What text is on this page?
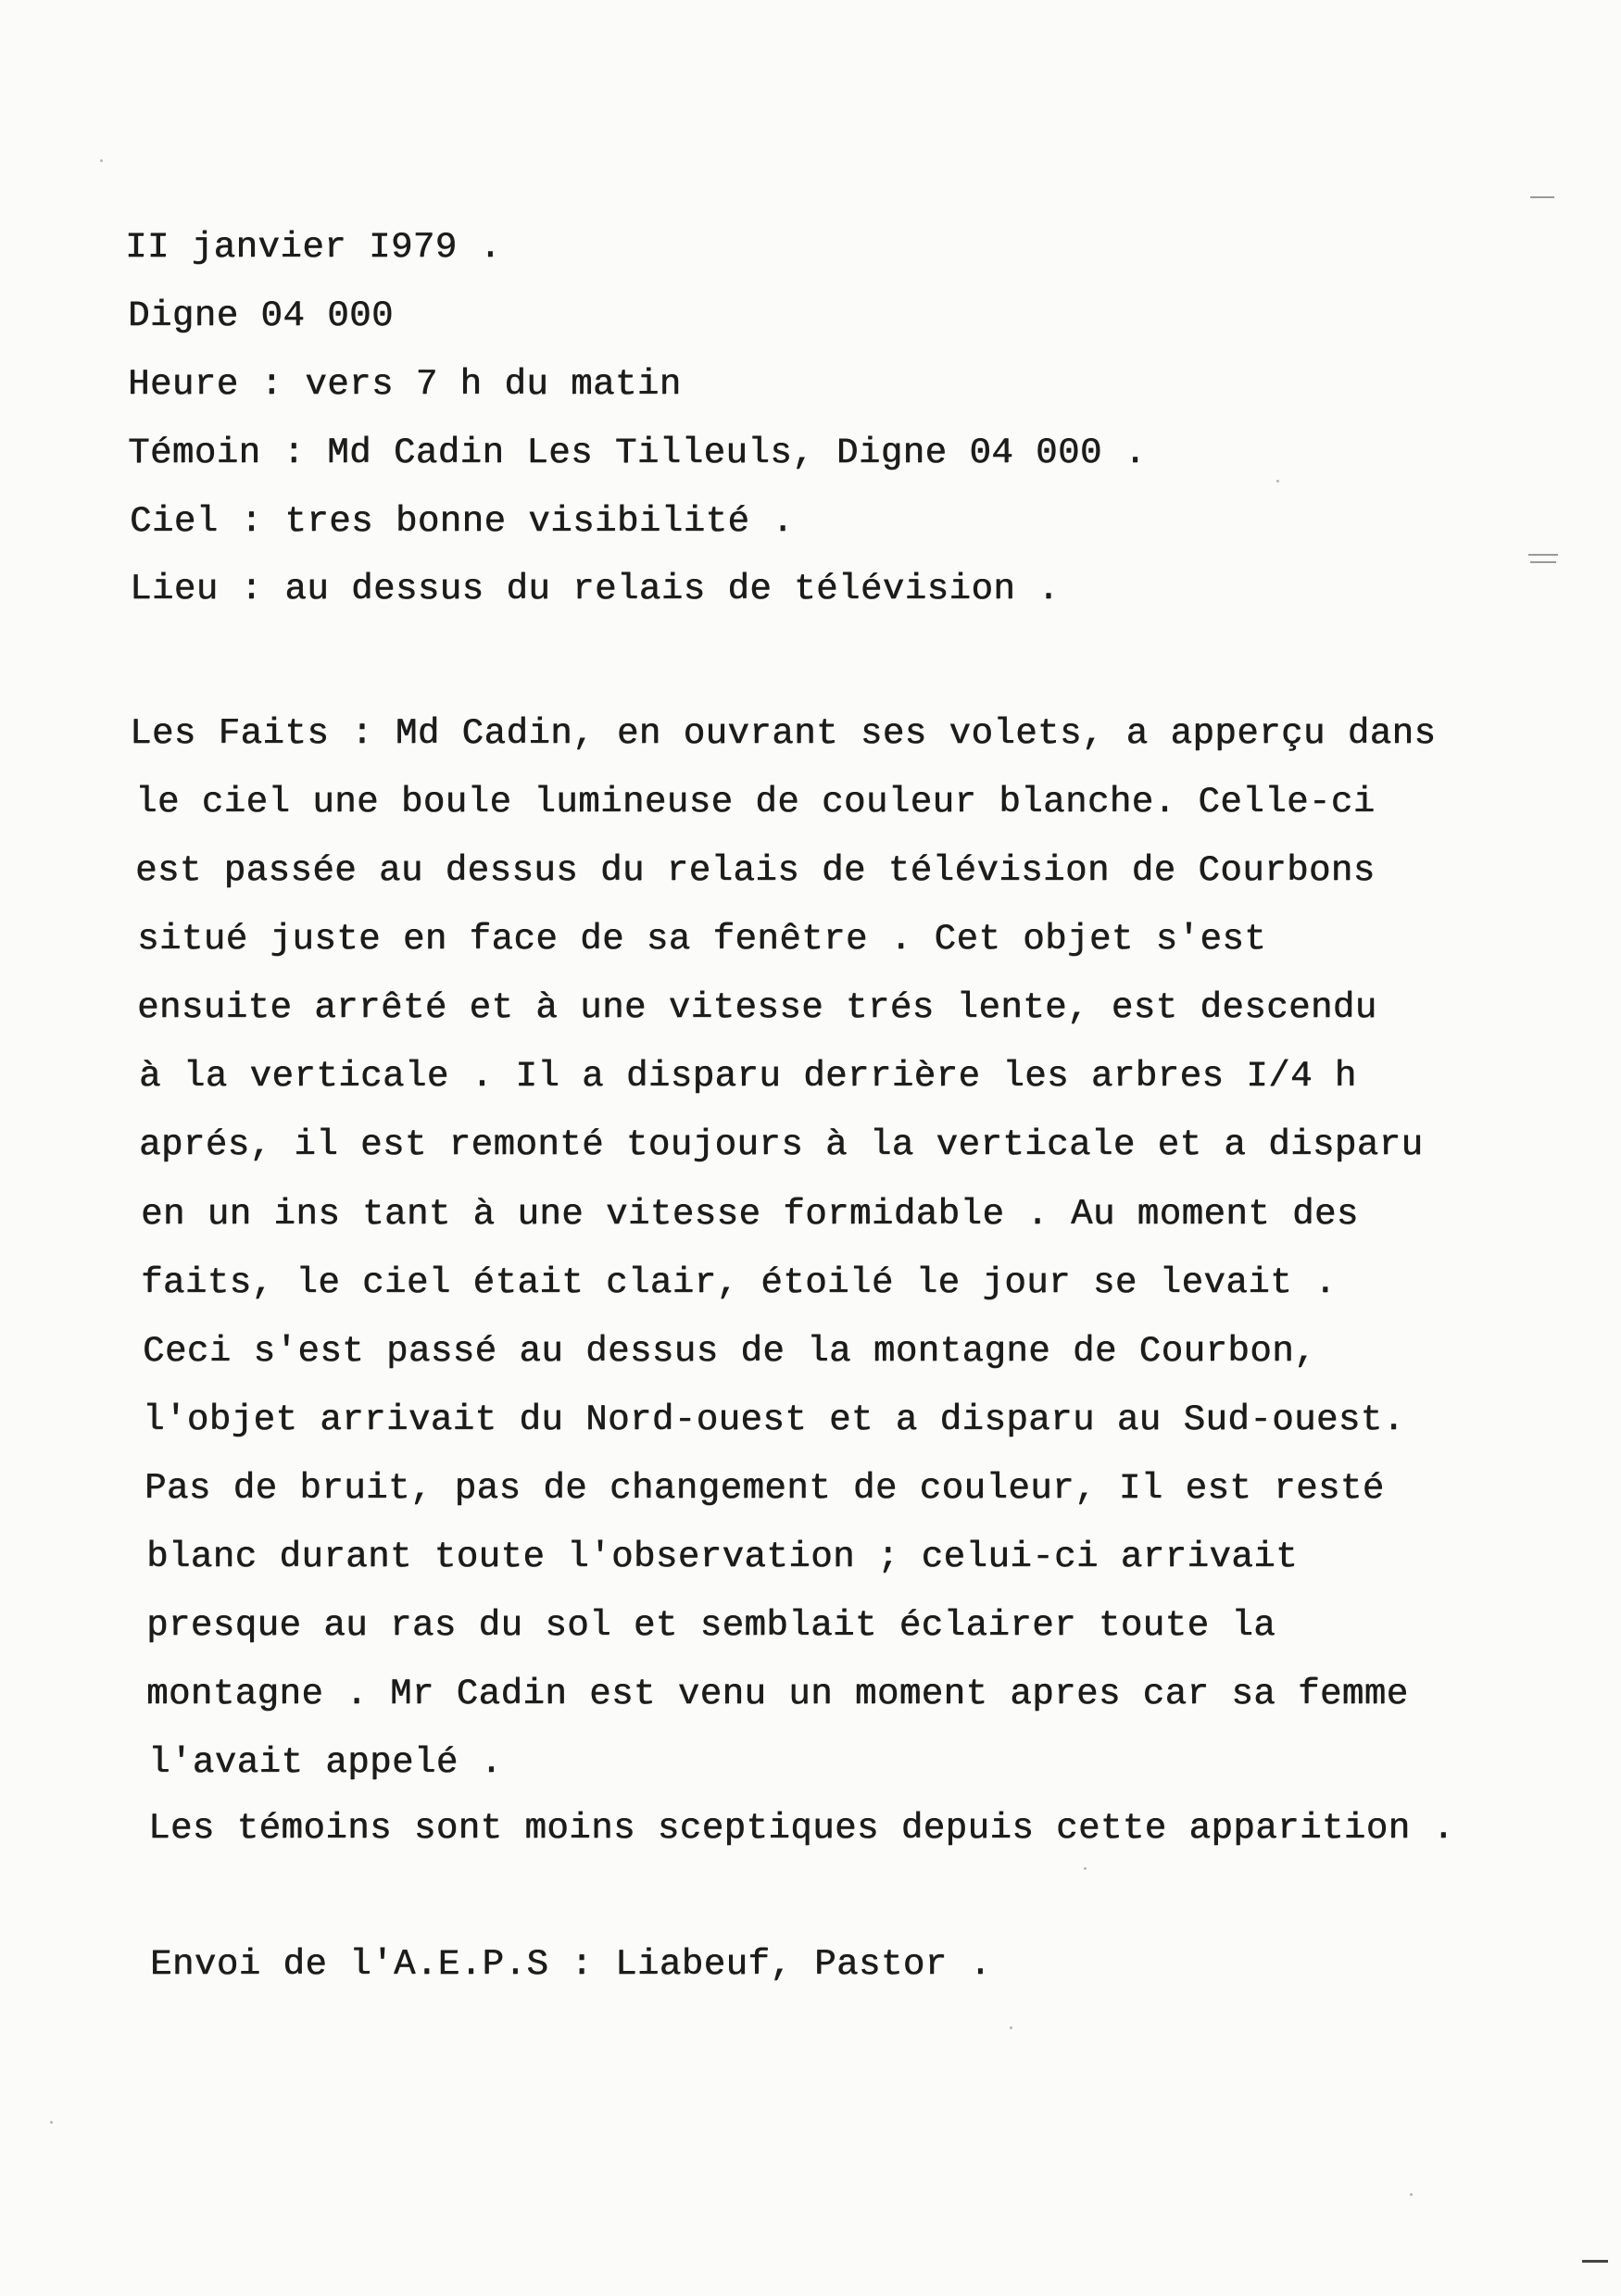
II janvier I979 .
Digne 04 000
Heure : vers 7 h du matin
Témoin : Md Cadin Les Tilleuls, Digne 04 000 .
Ciel : tres bonne visibilité .
Lieu : au dessus du relais de télévision .
Les Faits : Md Cadin, en ouvrant ses volets, a apperçu dans
le ciel une boule lumineuse de couleur blanche. Celle-ci
est passée au dessus du relais de télévision de Courbons
situé juste en face de sa fenêtre . Cet objet s'est
ensuite arrêté et à une vitesse trés lente, est descendu
à la verticale . Il a disparu derrière les arbres I/4 h
aprés, il est remonté toujours à la verticale et a disparu
en un ins tant à une vitesse formidable . Au moment des
faits, le ciel était clair, étoilé le jour se levait .
Ceci s'est passé au dessus de la montagne de Courbon,
l'objet arrivait du Nord-ouest et a disparu au Sud-ouest.
Pas de bruit, pas de changement de couleur, Il est resté
blanc durant toute l'observation ; celui-ci arrivait
presque au ras du sol et semblait éclairer toute la
montagne . Mr Cadin est venu un moment apres car sa femme
l'avait appelé .
Les témoins sont moins sceptiques depuis cette apparition .
Envoi de l'A.E.P.S : Liabeuf, Pastor .
